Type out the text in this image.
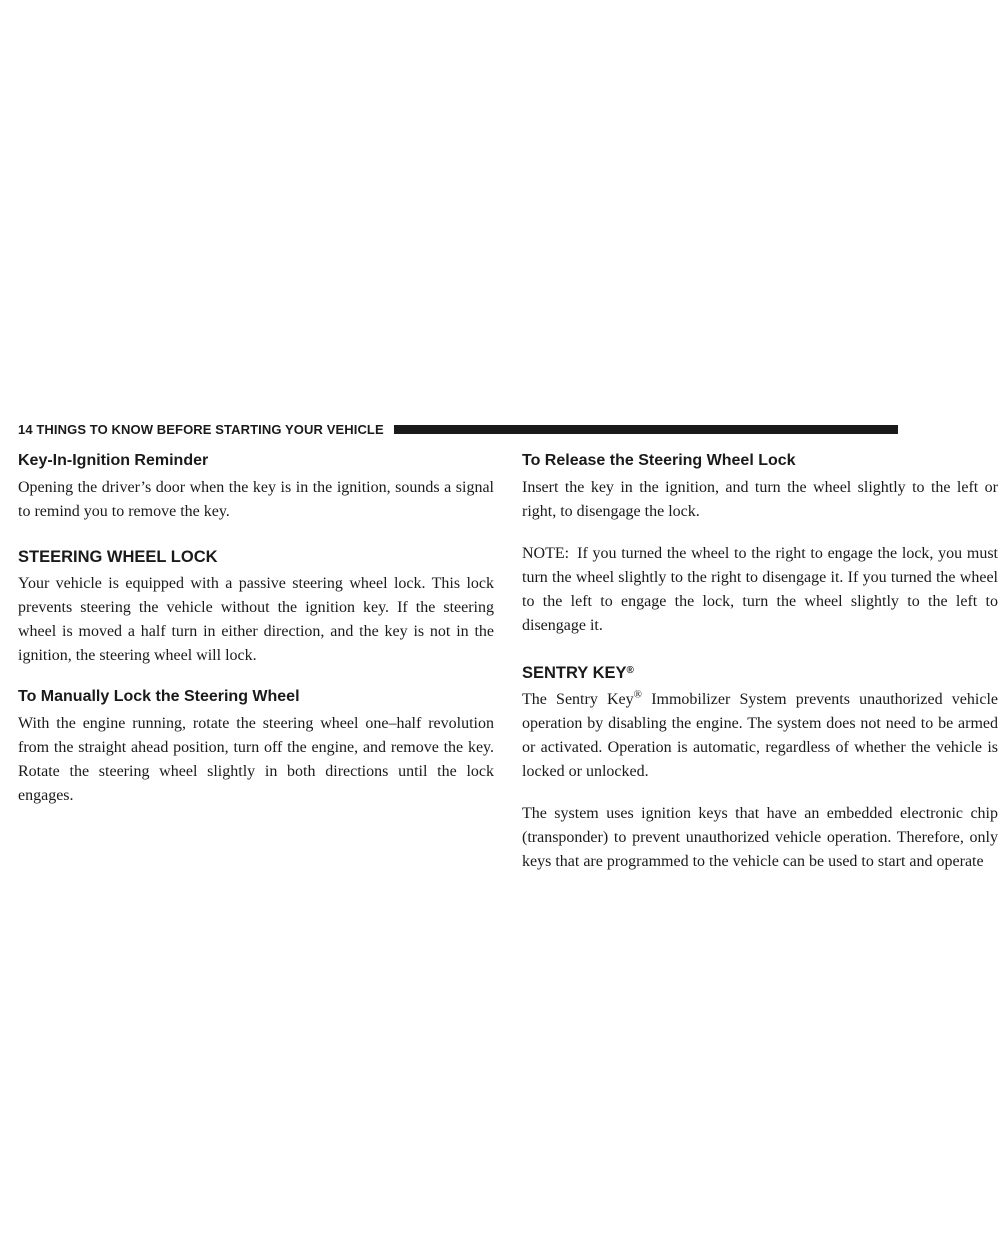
14 THINGS TO KNOW BEFORE STARTING YOUR VEHICLE
Key-In-Ignition Reminder

Opening the driver’s door when the key is in the ignition, sounds a signal to remind you to remove the key.

STEERING WHEEL LOCK

Your vehicle is equipped with a passive steering wheel lock. This lock prevents steering the vehicle without the ignition key. If the steering wheel is moved a half turn in either direction, and the key is not in the ignition, the steering wheel will lock.

To Manually Lock the Steering Wheel

With the engine running, rotate the steering wheel one–half revolution from the straight ahead position, turn off the engine, and remove the key. Rotate the steering wheel slightly in both directions until the lock engages.

To Release the Steering Wheel Lock

Insert the key in the ignition, and turn the wheel slightly to the left or right, to disengage the lock.

NOTE: If you turned the wheel to the right to engage the lock, you must turn the wheel slightly to the right to disengage it. If you turned the wheel to the left to engage the lock, turn the wheel slightly to the left to disengage it.

SENTRY KEY®

The Sentry Key® Immobilizer System prevents unauthorized vehicle operation by disabling the engine. The system does not need to be armed or activated. Operation is automatic, regardless of whether the vehicle is locked or unlocked.

The system uses ignition keys that have an embedded electronic chip (transponder) to prevent unauthorized vehicle operation. Therefore, only keys that are programmed to the vehicle can be used to start and operate
